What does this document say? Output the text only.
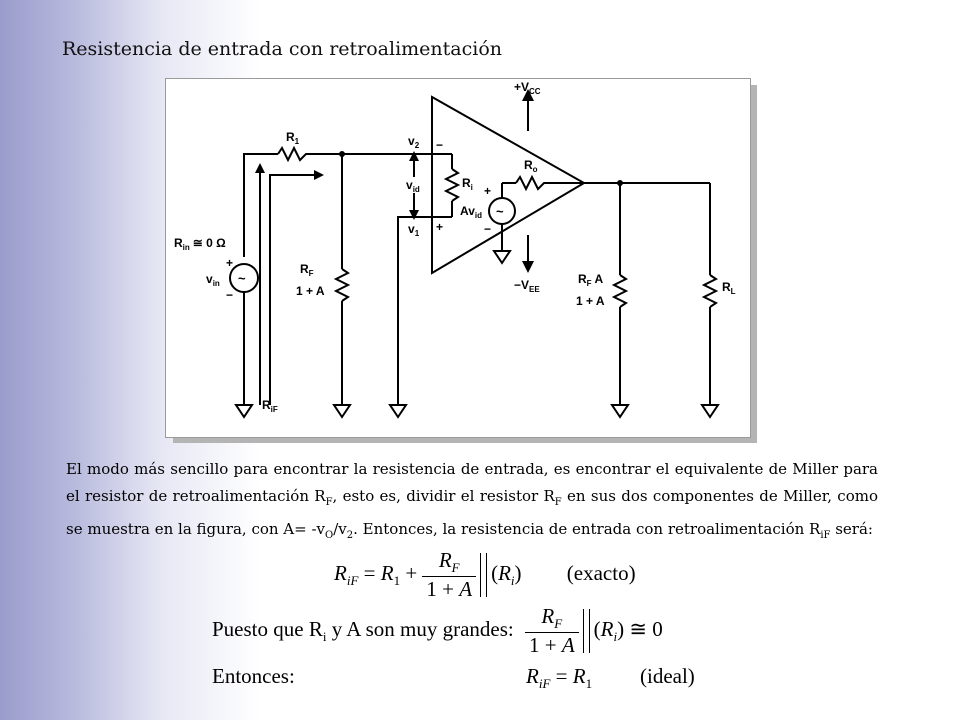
Resistencia de entrada con retroalimentación
$+V_{CC}$
$-V_{EE}$
$R_1$	$v_2$
$v_1$
$v_{id}$	$R_i$
$R_o$
$Av_{id}$
$R_{in}$ ≅ 0 Ω
$v_{in}$
$R_F$
1 + A
$R_F$ A
1 + A
$R_L$
$R_{iF}$
+
−
−
+
+
−
~
~
El modo más sencillo para encontrar la resistencia de entrada, es encontrar el equivalente de Miller para el resistor de retroalimentación $R_F$, esto es, dividir el resistor $R_F$ en sus dos componentes de Miller, como se muestra en la figura, con $A= -v_O/v_2$. Entonces, la resistencia de entrada con retroalimentación $R_{iF}$ será:
$R_{iF} = R_1 + \frac{R_F}{1 + A} (R_i)$ (exacto)
Puesto que $R_i$ y A son muy grandes: $\frac{R_F}{1 + A} (R_i)$ ≅ 0
Entonces:	$R_{iF} = R_1$ (ideal)
